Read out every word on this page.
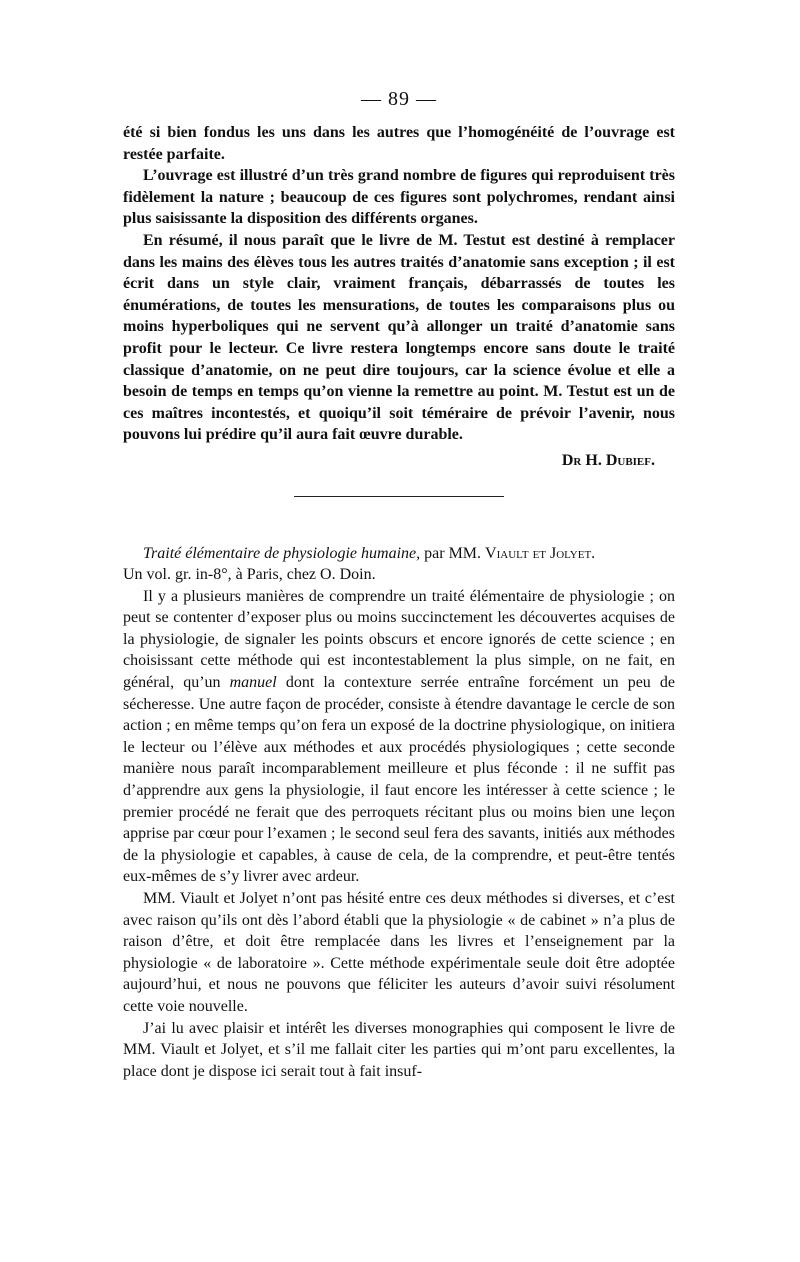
— 89 —

été si bien fondus les uns dans les autres que l’homogénéité de l’ouvrage est restée parfaite.

L’ouvrage est illustré d’un très grand nombre de figures qui reproduisent très fidèlement la nature ; beaucoup de ces figures sont polychromes, rendant ainsi plus saisissante la disposition des différents organes.

En résumé, il nous paraît que le livre de M. Testut est destiné à remplacer dans les mains des élèves tous les autres traités d’anatomie sans exception ; il est écrit dans un style clair, vraiment français, débarrassés de toutes les énumérations, de toutes les mensurations, de toutes les comparaisons plus ou moins hyperboliques qui ne servent qu’à allonger un traité d’anatomie sans profit pour le lecteur. Ce livre restera longtemps encore sans doute le traité classique d’anatomie, on ne peut dire toujours, car la science évolue et elle a besoin de temps en temps qu’on vienne la remettre au point. M. Testut est un de ces maîtres incontestés, et quoiqu’il soit téméraire de prévoir l’avenir, nous pouvons lui prédire qu’il aura fait œuvre durable.

Dr H. Dubief.

Traité élémentaire de physiologie humaine, par MM. Viault et Jolyet.

Un vol. gr. in-8°, à Paris, chez O. Doin.

Il y a plusieurs manières de comprendre un traité élémentaire de physiologie ; on peut se contenter d’exposer plus ou moins succinctement les découvertes acquises de la physiologie, de signaler les points obscurs et encore ignorés de cette science ; en choisissant cette méthode qui est incontestablement la plus simple, on ne fait, en général, qu’un manuel dont la contexture serrée entraîne forcément un peu de sécheresse. Une autre façon de procéder, consiste à étendre davantage le cercle de son action ; en même temps qu’on fera un exposé de la doctrine physiologique, on initiera le lecteur ou l’élève aux méthodes et aux procédés physiologiques ; cette seconde manière nous paraît incomparablement meilleure et plus féconde : il ne suffit pas d’apprendre aux gens la physiologie, il faut encore les intéresser à cette science ; le premier procédé ne ferait que des perroquets récitant plus ou moins bien une leçon apprise par cœur pour l’examen ; le second seul fera des savants, initiés aux méthodes de la physiologie et capables, à cause de cela, de la comprendre, et peut-être tentés eux-mêmes de s’y livrer avec ardeur.

MM. Viault et Jolyet n’ont pas hésité entre ces deux méthodes si diverses, et c’est avec raison qu’ils ont dès l’abord établi que la physiologie « de cabinet » n’a plus de raison d’être, et doit être remplacée dans les livres et l’enseignement par la physiologie « de laboratoire ». Cette méthode expérimentale seule doit être adoptée aujourd’hui, et nous ne pouvons que féliciter les auteurs d’avoir suivi résolument cette voie nouvelle.

J’ai lu avec plaisir et intérêt les diverses monographies qui composent le livre de MM. Viault et Jolyet, et s’il me fallait citer les parties qui m’ont paru excellentes, la place dont je dispose ici serait tout à fait insuf-
